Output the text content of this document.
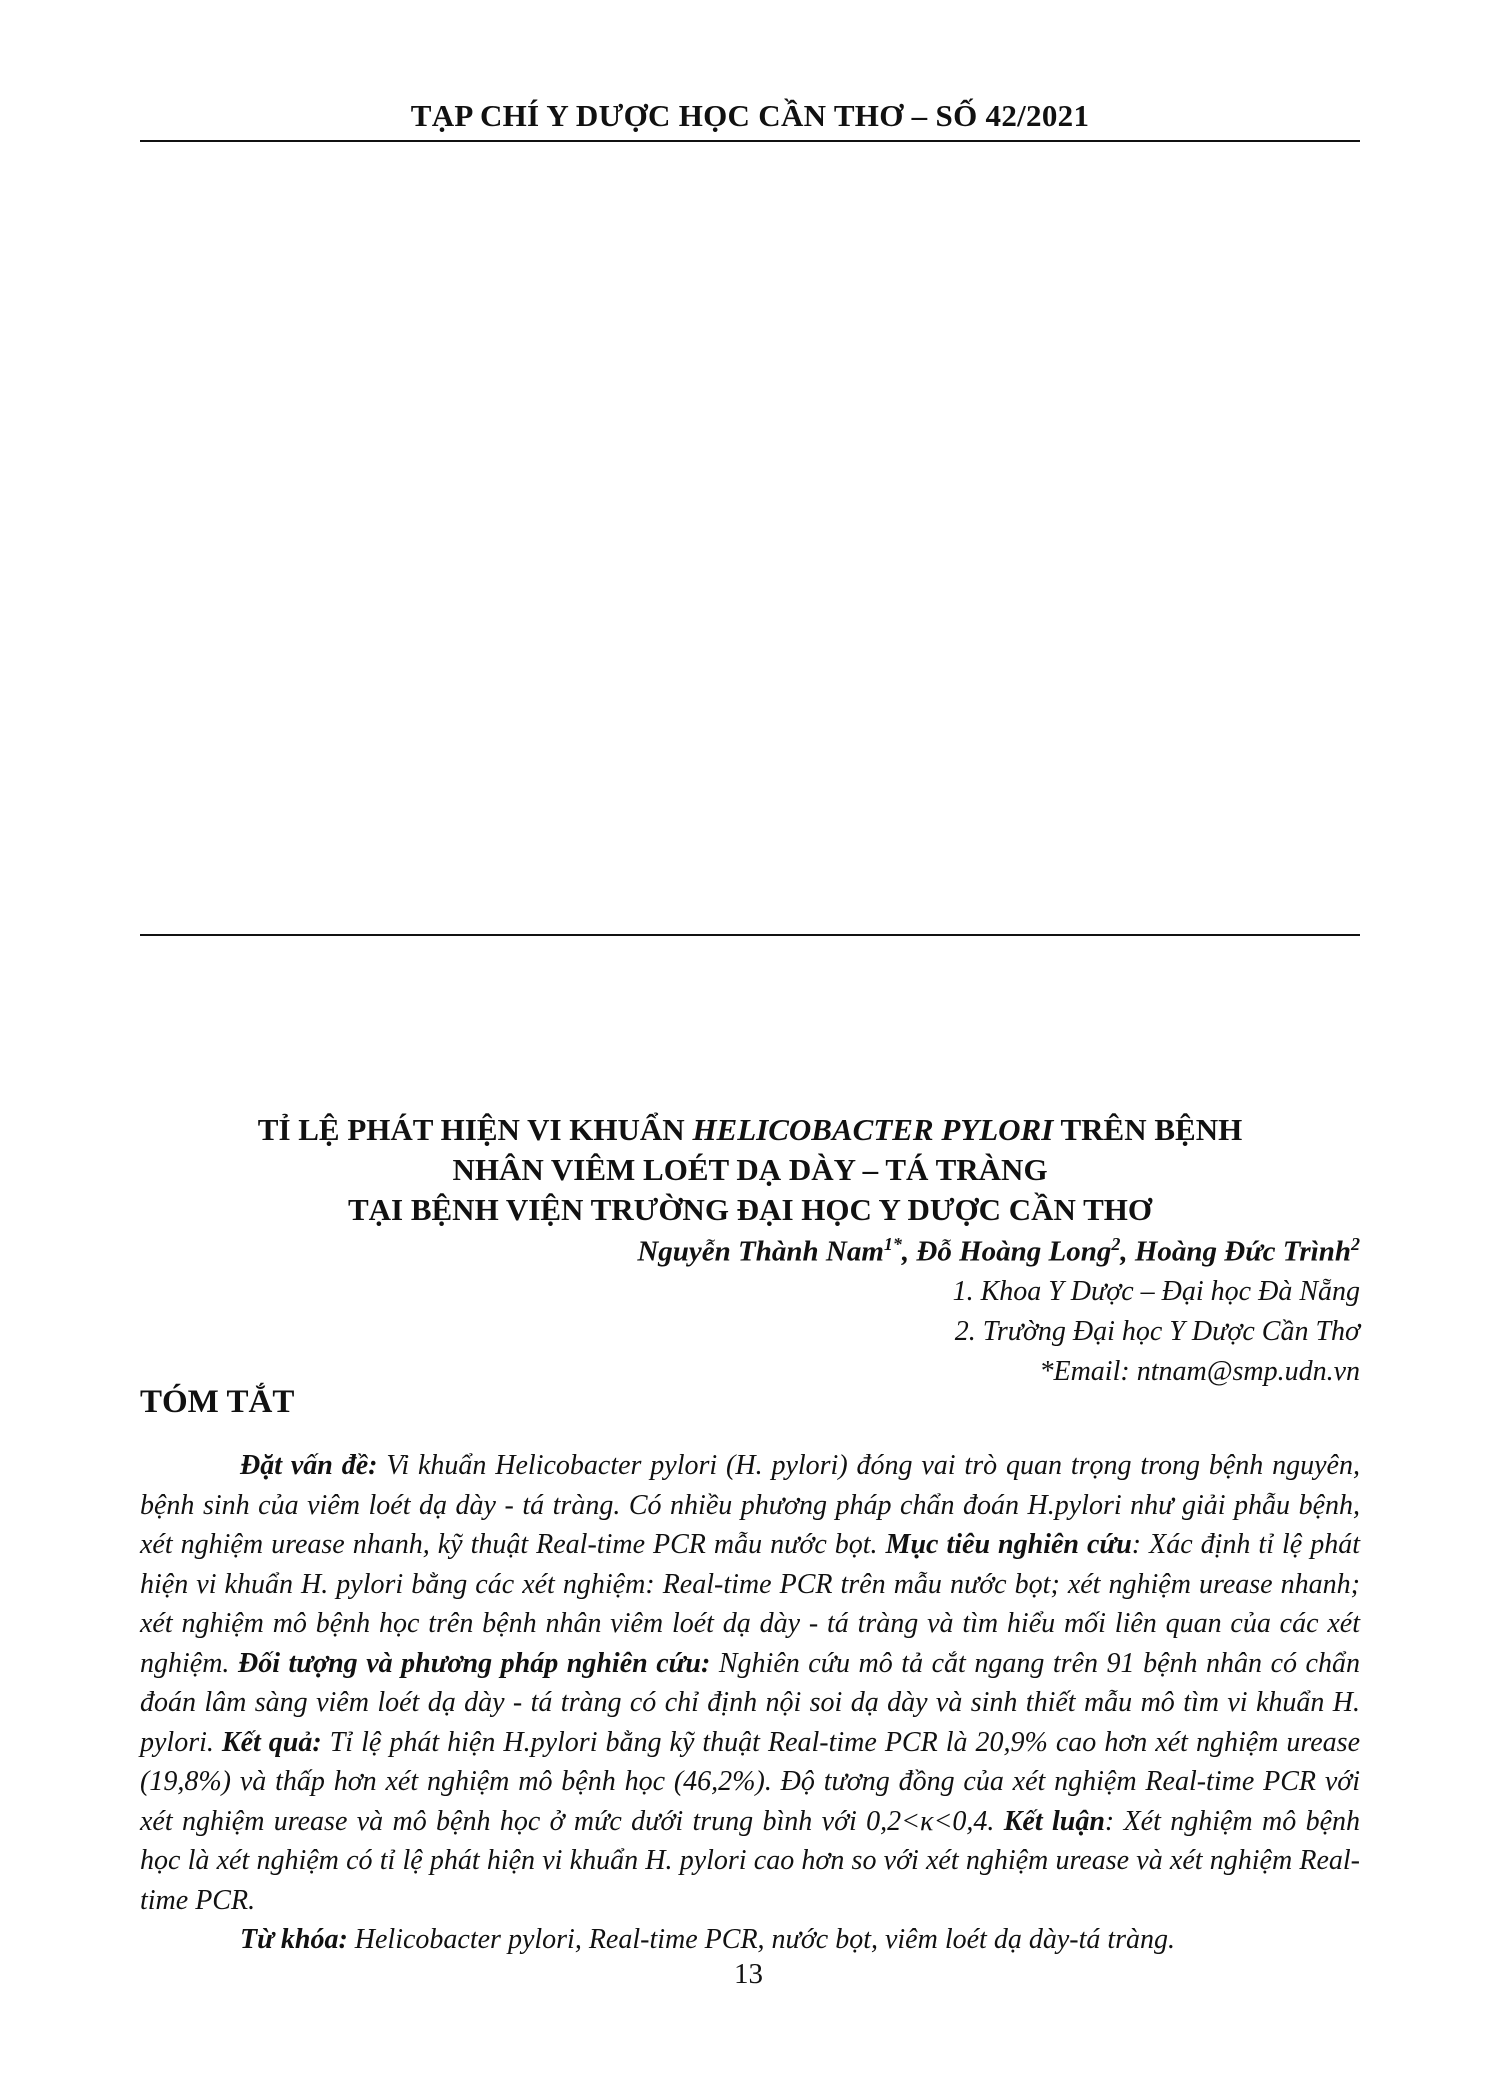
TẠP CHÍ Y DƯỢC HỌC CẦN THƠ – SỐ 42/2021
TỈ LỆ PHÁT HIỆN VI KHUẨN HELICOBACTER PYLORI TRÊN BỆNH
NHÂN VIÊM LOÉT DẠ DÀY – TÁ TRÀNG
TẠI BỆNH VIỆN TRƯỜNG ĐẠI HỌC Y DƯỢC CẦN THƠ
Nguyễn Thành Nam$^{1*}$, Đỗ Hoàng Long$^2$, Hoàng Đức Trình$^2$
1. Khoa Y Dược – Đại học Đà Nẵng
2. Trường Đại học Y Dược Cần Thơ
*Email: ntnam@smp.udn.vn
TÓM TẮT

Đặt vấn đề: Vi khuẩn Helicobacter pylori (H. pylori) đóng vai trò quan trọng trong bệnh nguyên, bệnh sinh của viêm loét dạ dày - tá tràng. Có nhiều phương pháp chẩn đoán H.pylori như giải phẫu bệnh, xét nghiệm urease nhanh, kỹ thuật Real-time PCR mẫu nước bọt. Mục tiêu nghiên cứu: Xác định tỉ lệ phát hiện vi khuẩn H. pylori bằng các xét nghiệm: Real-time PCR trên mẫu nước bọt; xét nghiệm urease nhanh; xét nghiệm mô bệnh học trên bệnh nhân viêm loét dạ dày - tá tràng và tìm hiểu mối liên quan của các xét nghiệm. Đối tượng và phương pháp nghiên cứu: Nghiên cứu mô tả cắt ngang trên 91 bệnh nhân có chẩn đoán lâm sàng viêm loét dạ dày - tá tràng có chỉ định nội soi dạ dày và sinh thiết mẫu mô tìm vi khuẩn H. pylori. Kết quả: Tỉ lệ phát hiện H.pylori bằng kỹ thuật Real-time PCR là 20,9% cao hơn xét nghiệm urease (19,8%) và thấp hơn xét nghiệm mô bệnh học (46,2%). Độ tương đồng của xét nghiệm Real-time PCR với xét nghiệm urease và mô bệnh học ở mức dưới trung bình với 0,2<κ<0,4. Kết luận: Xét nghiệm mô bệnh học là xét nghiệm có tỉ lệ phát hiện vi khuẩn H. pylori cao hơn so với xét nghiệm urease và xét nghiệm Real-time PCR.

Từ khóa: Helicobacter pylori, Real-time PCR, nước bọt, viêm loét dạ dày-tá tràng.

13
